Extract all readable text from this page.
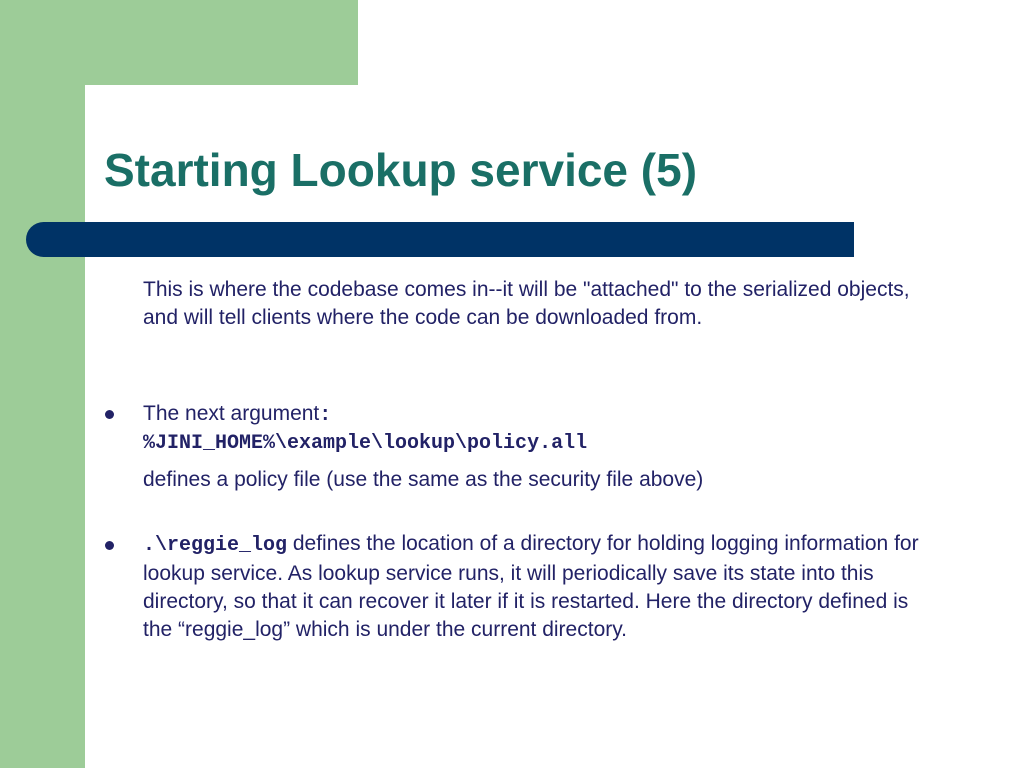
Starting Lookup service (5)
This is where the codebase comes in--it will be "attached" to the serialized objects, and will tell clients where the code can be downloaded from.
The next argument:
%JINI_HOME%\example\lookup\policy.all
defines a policy file (use the same as the security file above)
.\reggie_log defines the location of a directory for holding logging information for lookup service. As lookup service runs, it will periodically save its state into this directory, so that it can recover it later if it is restarted. Here the directory defined is the “reggie_log” which is under the current directory.
